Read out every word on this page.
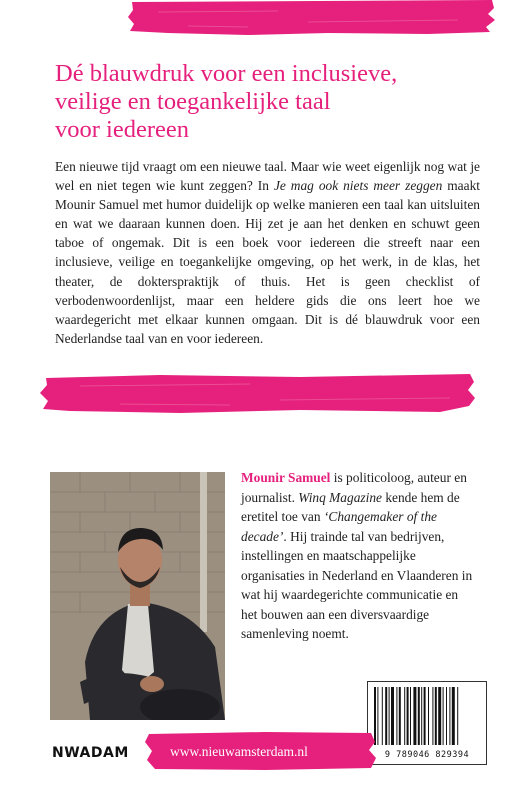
Dé blauwdruk voor een inclusieve,
veilige en toegankelijke taal
voor iedereen

Een nieuwe tijd vraagt om een nieuwe taal. Maar wie weet eigenlijk nog wat je wel en niet tegen wie kunt zeggen? In Je mag ook niets meer zeggen maakt Mounir Samuel met humor duidelijk op welke manieren een taal kan uitsluiten en wat we daaraan kunnen doen. Hij zet je aan het denken en schuwt geen taboe of ongemak. Dit is een boek voor iedereen die streeft naar een inclusieve, veilige en toegankelijke omgeving, op het werk, in de klas, het theater, de dokterspraktijk of thuis. Het is geen checklist of verbodenwoordenlijst, maar een heldere gids die ons leert hoe we waardegericht met elkaar kunnen omgaan. Dit is dé blauwdruk voor een Nederlandse taal van en voor iedereen.

Mounir Samuel is politicoloog, auteur en journalist. Winq Magazine kende hem de eretitel toe van ‘Changemaker of the decade’. Hij trainde tal van bedrijven, instellingen en maatschappelijke organisaties in Nederland en Vlaanderen in wat hij waardegerichte communicatie en het bouwen aan een diversvaardige samenleving noemt.

9 789046 829394
NWADAM	www.nieuwamsterdam.nl
